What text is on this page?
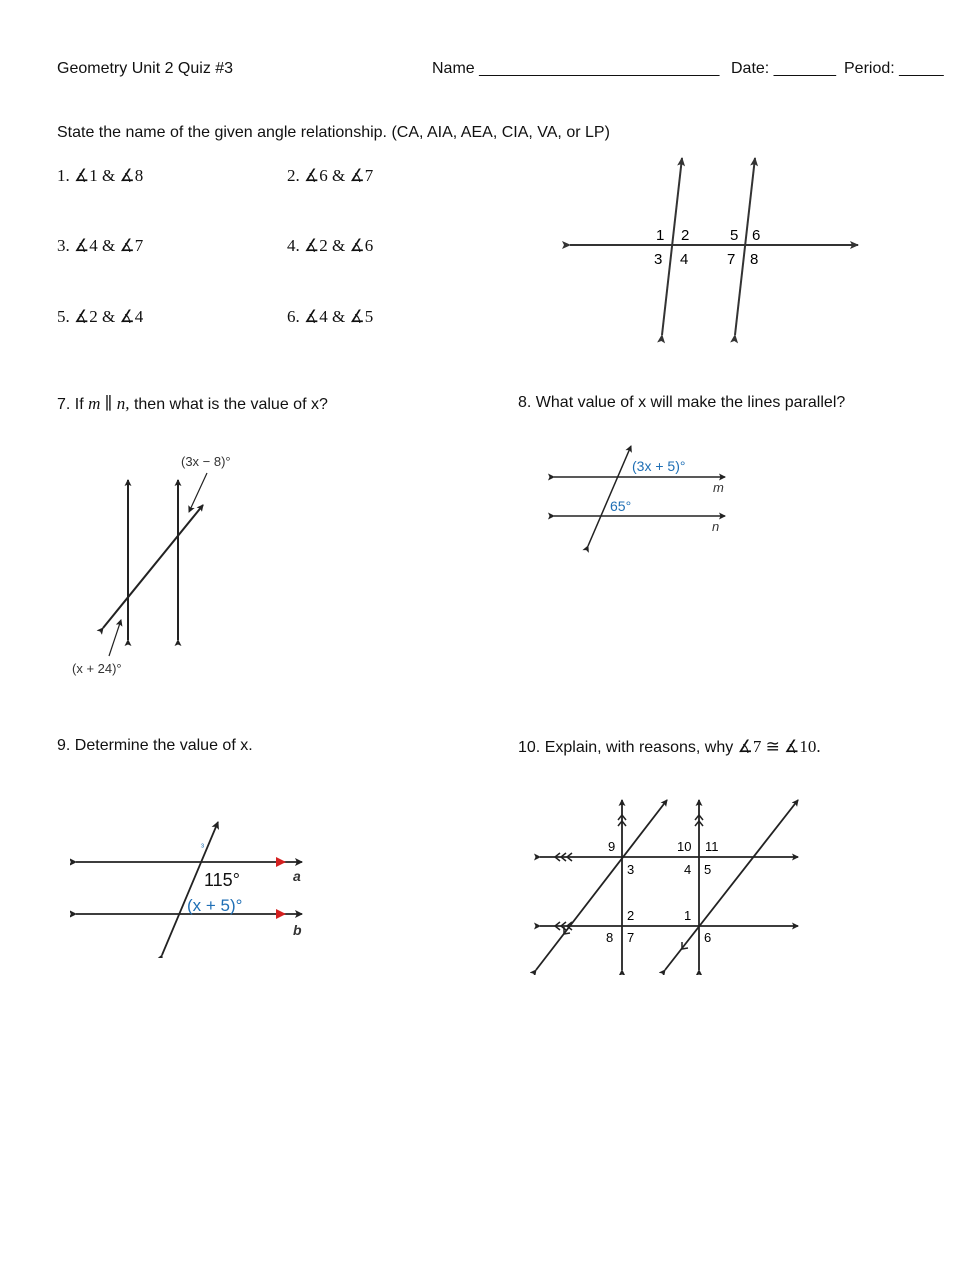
Geometry Unit 2 Quiz #3	Name ___________________________ Date: _______ Period: _____
State the name of the given angle relationship. (CA, AIA, AEA, CIA, VA, or LP)
1. ∡1 & ∡8	2. ∡6 & ∡7
3. ∡4 & ∡7	4. ∡2 & ∡6
5. ∡2 & ∡4	6. ∡4 & ∡5
1 2
3 4
5 6
7 8
7. If m ∥ n, then what is the value of x?	8. What value of x will make the lines parallel?
(3x − 8)°
(x + 24)°
(3x + 5)°
65°
m
n
9. Determine the value of x.	10. Explain, with reasons, why ∡7 ≅ ∡10.
³
115°
(x + 5)°
a
b
9
3
10 11
4 5
2	1
8 7	6
